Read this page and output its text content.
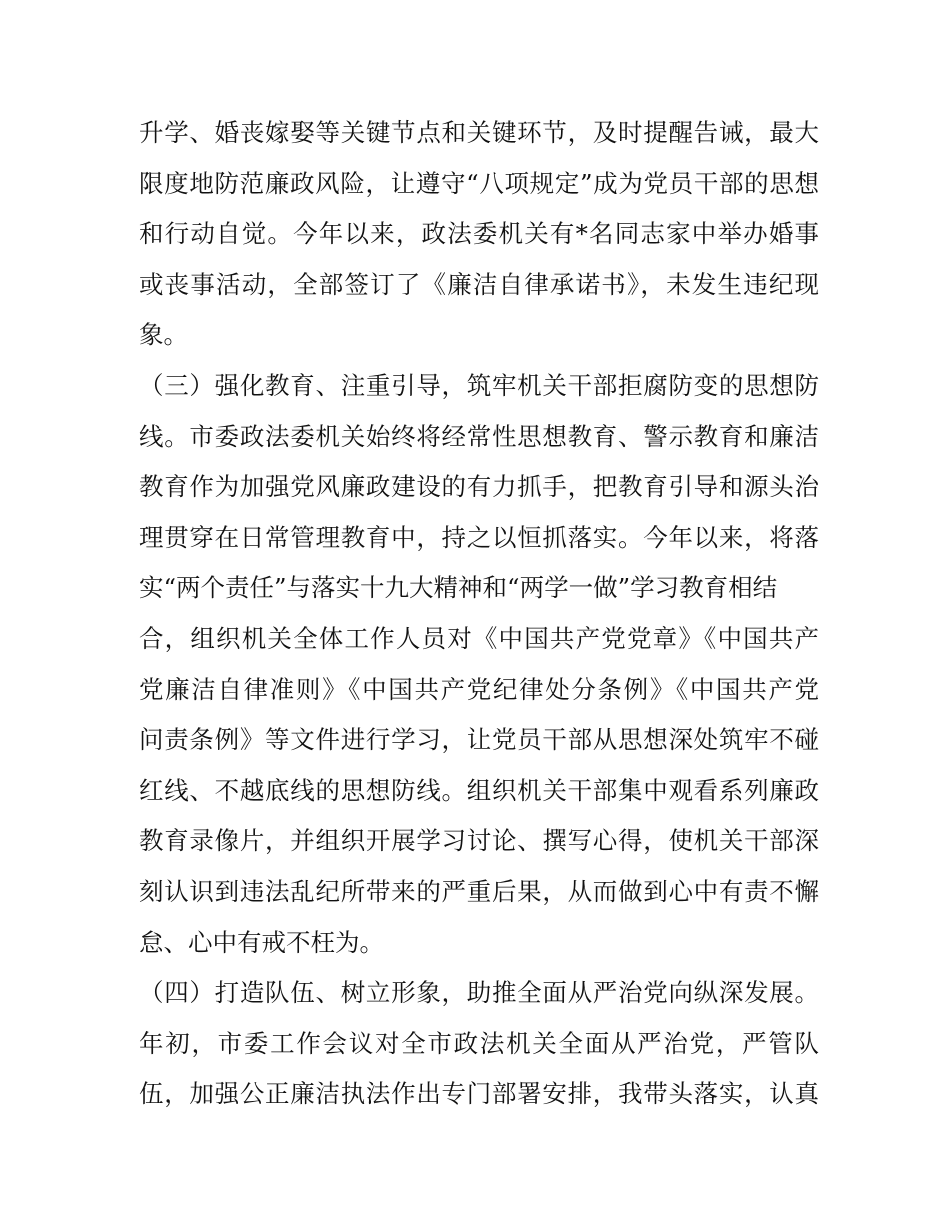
升学、婚丧嫁娶等关键节点和关键环节，及时提醒告诫，最大

限度地防范廉政风险，让遵守“八项规定”成为党员干部的思想

和行动自觉。今年以来，政法委机关有*名同志家中举办婚事

或丧事活动，全部签订了《廉洁自律承诺书》，未发生违纪现

象。

（三）强化教育、注重引导，筑牢机关干部拒腐防变的思想防

线。市委政法委机关始终将经常性思想教育、警示教育和廉洁

教育作为加强党风廉政建设的有力抓手，把教育引导和源头治

理贯穿在日常管理教育中，持之以恒抓落实。今年以来，将落

实“两个责任”与落实十九大精神和“两学一做”学习教育相结

合，组织机关全体工作人员对《中国共产党党章》《中国共产

党廉洁自律准则》《中国共产党纪律处分条例》《中国共产党

问责条例》等文件进行学习，让党员干部从思想深处筑牢不碰

红线、不越底线的思想防线。组织机关干部集中观看系列廉政

教育录像片，并组织开展学习讨论、撰写心得，使机关干部深

刻认识到违法乱纪所带来的严重后果，从而做到心中有责不懈

怠、心中有戒不枉为。

（四）打造队伍、树立形象，助推全面从严治党向纵深发展。

年初，市委工作会议对全市政法机关全面从严治党，严管队

伍，加强公正廉洁执法作出专门部署安排，我带头落实，认真
